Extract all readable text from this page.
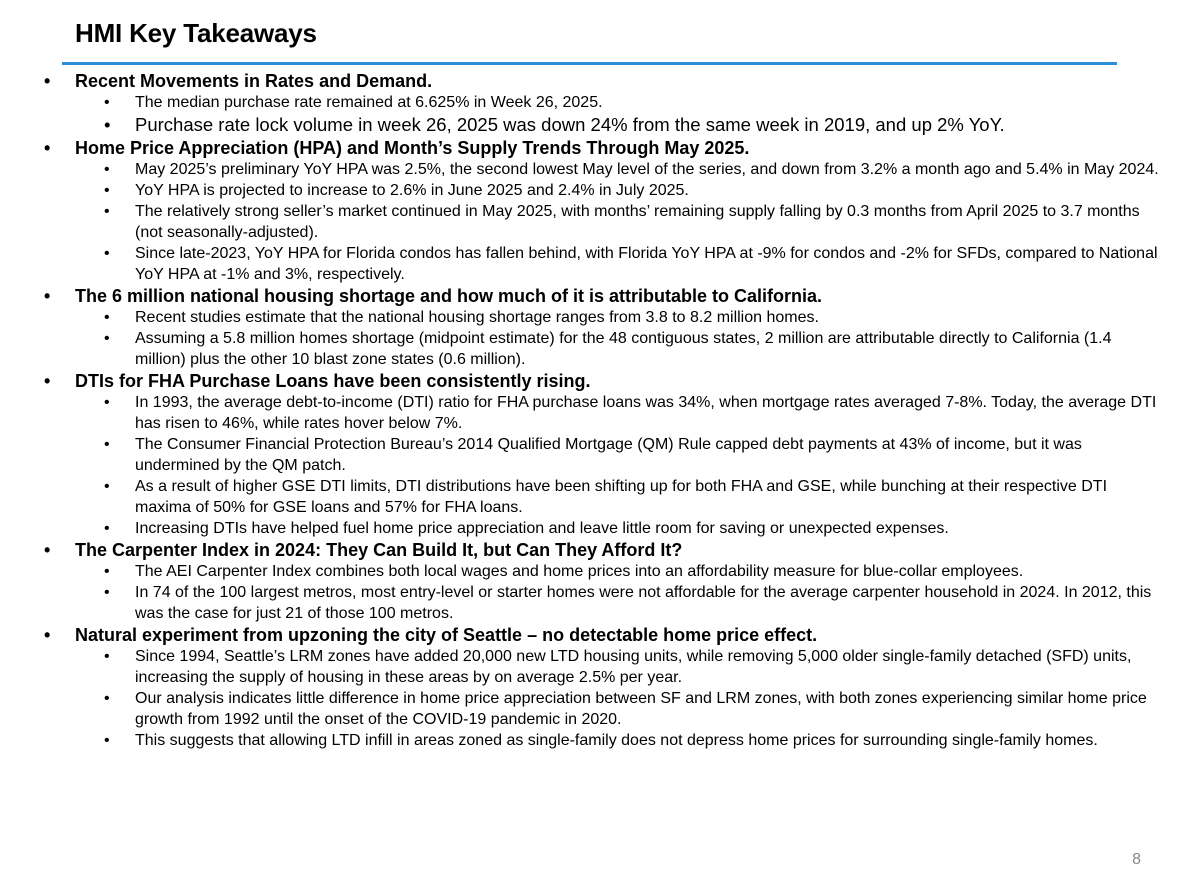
HMI Key Takeaways
• Recent Movements in Rates and Demand.
• The median purchase rate remained at 6.625% in Week 26, 2025.
• Purchase rate lock volume in week 26, 2025 was down 24% from the same week in 2019, and up 2% YoY.
• Home Price Appreciation (HPA) and Month’s Supply Trends Through May 2025.
• May 2025’s preliminary YoY HPA was 2.5%, the second lowest May level of the series, and down from 3.2% a month ago and 5.4% in May 2024.
• YoY HPA is projected to increase to 2.6% in June 2025 and 2.4% in July 2025.
• The relatively strong seller’s market continued in May 2025, with months’ remaining supply falling by 0.3 months from April 2025 to 3.7 months (not seasonally-adjusted).
• Since late-2023, YoY HPA for Florida condos has fallen behind, with Florida YoY HPA at -9% for condos and -2% for SFDs, compared to National YoY HPA at -1% and 3%, respectively.
• The 6 million national housing shortage and how much of it is attributable to California.
• Recent studies estimate that the national housing shortage ranges from 3.8 to 8.2 million homes.
• Assuming a 5.8 million homes shortage (midpoint estimate) for the 48 contiguous states, 2 million are attributable directly to California (1.4 million) plus the other 10 blast zone states (0.6 million).
• DTIs for FHA Purchase Loans have been consistently rising.
• In 1993, the average debt-to-income (DTI) ratio for FHA purchase loans was 34%, when mortgage rates averaged 7-8%. Today, the average DTI has risen to 46%, while rates hover below 7%.
• The Consumer Financial Protection Bureau’s 2014 Qualified Mortgage (QM) Rule capped debt payments at 43% of income, but it was undermined by the QM patch.
• As a result of higher GSE DTI limits, DTI distributions have been shifting up for both FHA and GSE, while bunching at their respective DTI maxima of 50% for GSE loans and 57% for FHA loans.
• Increasing DTIs have helped fuel home price appreciation and leave little room for saving or unexpected expenses.
• The Carpenter Index in 2024: They Can Build It, but Can They Afford It?
• The AEI Carpenter Index combines both local wages and home prices into an affordability measure for blue-collar employees.
• In 74 of the 100 largest metros, most entry-level or starter homes were not affordable for the average carpenter household in 2024. In 2012, this was the case for just 21 of those 100 metros.
• Natural experiment from upzoning the city of Seattle – no detectable home price effect.
• Since 1994, Seattle’s LRM zones have added 20,000 new LTD housing units, while removing 5,000 older single-family detached (SFD) units, increasing the supply of housing in these areas by on average 2.5% per year.
• Our analysis indicates little difference in home price appreciation between SF and LRM zones, with both zones experiencing similar home price growth from 1992 until the onset of the COVID-19 pandemic in 2020.
• This suggests that allowing LTD infill in areas zoned as single-family does not depress home prices for surrounding single-family homes.
8
